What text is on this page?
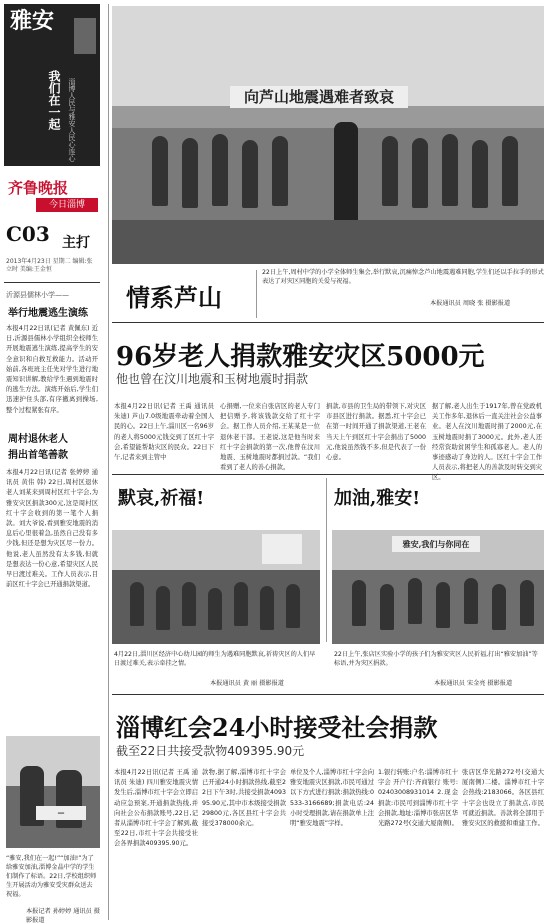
雅安
我们在一起 淄博人民与雅安人民心连心
齐鲁晚报
今日淄博
C03 主打
2013年4月23日 星期二 编辑:张立时 美编:王金恒
沂源县儒林小学——
举行地震逃生演练
本报4月22日讯(记者 黄佩东) 近日,沂源县儒林小学组织全校师生开展地震逃生演练,提高学生的安全意识和自救互救能力。活动开始前,各班班主任先对学生进行地震知识讲解,教给学生遇到地震时的逃生方法。演练开始后,学生们迅速护住头部,有序撤离到操场,整个过程紧张有序。
周村退休老人
捐出首笔善款
本报4月22日讯(记者 张婷婷 通讯员 黄伟 韩) 22日,周村区退休老人刘某来到周村区红十字会,为雅安灾区捐款300元,这是周村区红十字会收到的第一笔个人捐款。刘大爷说,看到雅安地震的消息后心里很着急,虽然自己没有多少钱,但还是想为灾区尽一份力。他说,老人虽然没有太多钱,但就是想表达一份心意,希望灾区人民早日渡过难关。工作人员表示,目前区红十字会已开通捐款渠道。
—
“雅安,我们在一起!”“加油!”为了给雅安加油,淄博金晶中学的学生们制作了标语。22日,学校组织师生开展活动为雅安受灾群众送去祝福。
本报记者 孙婷婷 通讯员 摄影报道
向芦山地震遇难者致哀
情系芦山
22日上午,周村中学的小学全体师生集会,举行默哀,沉痛悼念芦山地震遇难同胞,学生们还以手拉手的形式表达了对灾区同胞的关爱与祝福。
本报通讯员 周晓 张 摄影报道
96岁老人捐款雅安灾区5000元
他也曾在汶川地震和玉树地震时捐款
本报4月22日讯(记者 王禹 通讯员 朱迪) 芦山7.0级地震牵动着全国人民的心。22日上午,淄川区一名96岁的老人将5000元钱交到了区红十字会,希望能帮助灾区的民众。22日下午,记者来到主管中
心捐赠,一位来自张店区的老人专门把信赠予,将该钱款交给了红十字会。据工作人员介绍,王某某是一位退休老干部。王老说,这是他当时来红十字会捐款的第一次,他曾在汶川地震、玉树地震时都捐过款。“我们看到了老人的善心捐款。
捐款,市县的卫生局的带领下,对灾区市县区进行捐款。据悉,红十字会已在第一时间开通了捐款渠道,王老在当天上午到区红十字会捐出了5000元,他说虽然钱不多,但是代表了一份心意。
据了解,老人出生于1917年,曾在党政机关工作多年,退休后一直关注社会公益事业。老人在汶川地震时捐了2000元,在玉树地震时捐了3000元。此外,老人还经常资助贫困学生和孤寡老人。老人的事迹感动了身边的人。区红十字会工作人员表示,将把老人的善款及时转交到灾区。
默哀,祈福!	加油,雅安!
雅安,我们与你同在
4月22日,淄川区经济中心幼儿园的师生为遇难同胞默哀,祈祷灾区的人们早日渡过难关,表示牵挂之情。
本报通讯员 黄 丽 摄影报道
22日上午,张店区实验小学的孩子们为雅安灾区人民祈福,打出“雅安加油”等标语,并为灾区捐款。
本报通讯员 宋金亮 摄影报道
淄博红会24小时接受社会捐款
截至22日共接受款物409395.90元
本报4月22日讯(记者 王禹 通讯员 朱迪) 四川雅安地震灾情发生后,淄博市红十字会立即启动应急预案,开通捐款热线,并向社会公布捐款账号,22日,记者从淄博市红十字会了解到,截至22日,市红十字会共接受社会各界捐款409395.90元。
款物,据了解,淄博市红十字会已开通24小时捐款热线,截至22日下午3时,共接受捐款409395.90元,其中市本级接受捐款29800元,各区县红十字会共接受378000余元。
单位及个人,淄博市红十字会向雅安地震灾区捐款,市民可通过以下方式进行捐款:捐款热线:0533-3166689;捐款电话:24小时受理捐款,请在捐款单上注明“雅安地震”字样。
1.银行转账:户名:淄博市红十字会 开户行:齐商银行 账号:02403008931014 2.现金捐款:市民可到淄博市红十字会捐款,地址:淄博市张店区华光路272号(交通大厦南侧)。
张店区华光路272号(交通大厦南侧)二楼。淄博市红十字会热线:2183066。各区县红十字会也设立了捐款点,市民可就近捐款。善款将全部用于雅安灾区的救援和重建工作。
